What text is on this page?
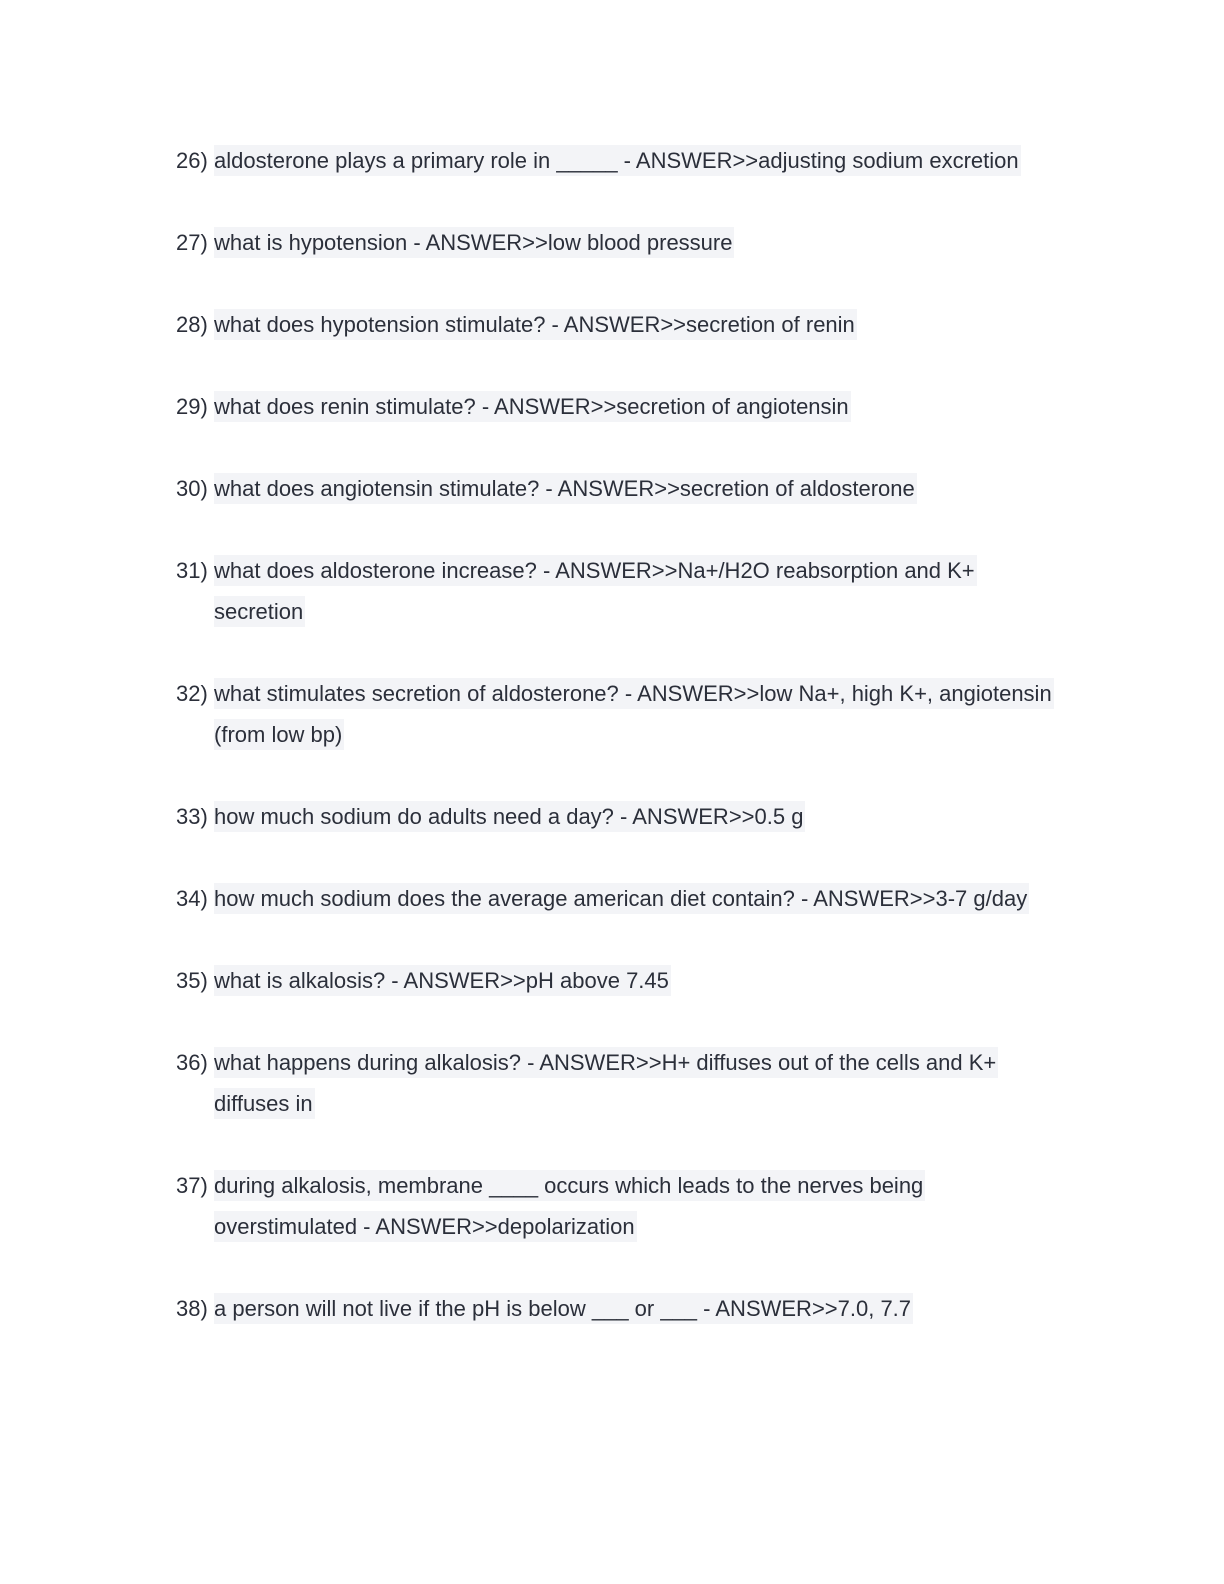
26) aldosterone plays a primary role in _____ - ANSWER>>adjusting sodium excretion
27) what is hypotension - ANSWER>>low blood pressure
28) what does hypotension stimulate? - ANSWER>>secretion of renin
29) what does renin stimulate? - ANSWER>>secretion of angiotensin
30) what does angiotensin stimulate? - ANSWER>>secretion of aldosterone
31) what does aldosterone increase? - ANSWER>>Na+/H2O reabsorption and K+ secretion
32) what stimulates secretion of aldosterone? - ANSWER>>low Na+, high K+, angiotensin (from low bp)
33) how much sodium do adults need a day? - ANSWER>>0.5 g
34) how much sodium does the average american diet contain? - ANSWER>>3-7 g/day
35) what is alkalosis? - ANSWER>>pH above 7.45
36) what happens during alkalosis? - ANSWER>>H+ diffuses out of the cells and K+ diffuses in
37) during alkalosis, membrane ____ occurs which leads to the nerves being overstimulated - ANSWER>>depolarization
38) a person will not live if the pH is below ___ or ___ - ANSWER>>7.0, 7.7
